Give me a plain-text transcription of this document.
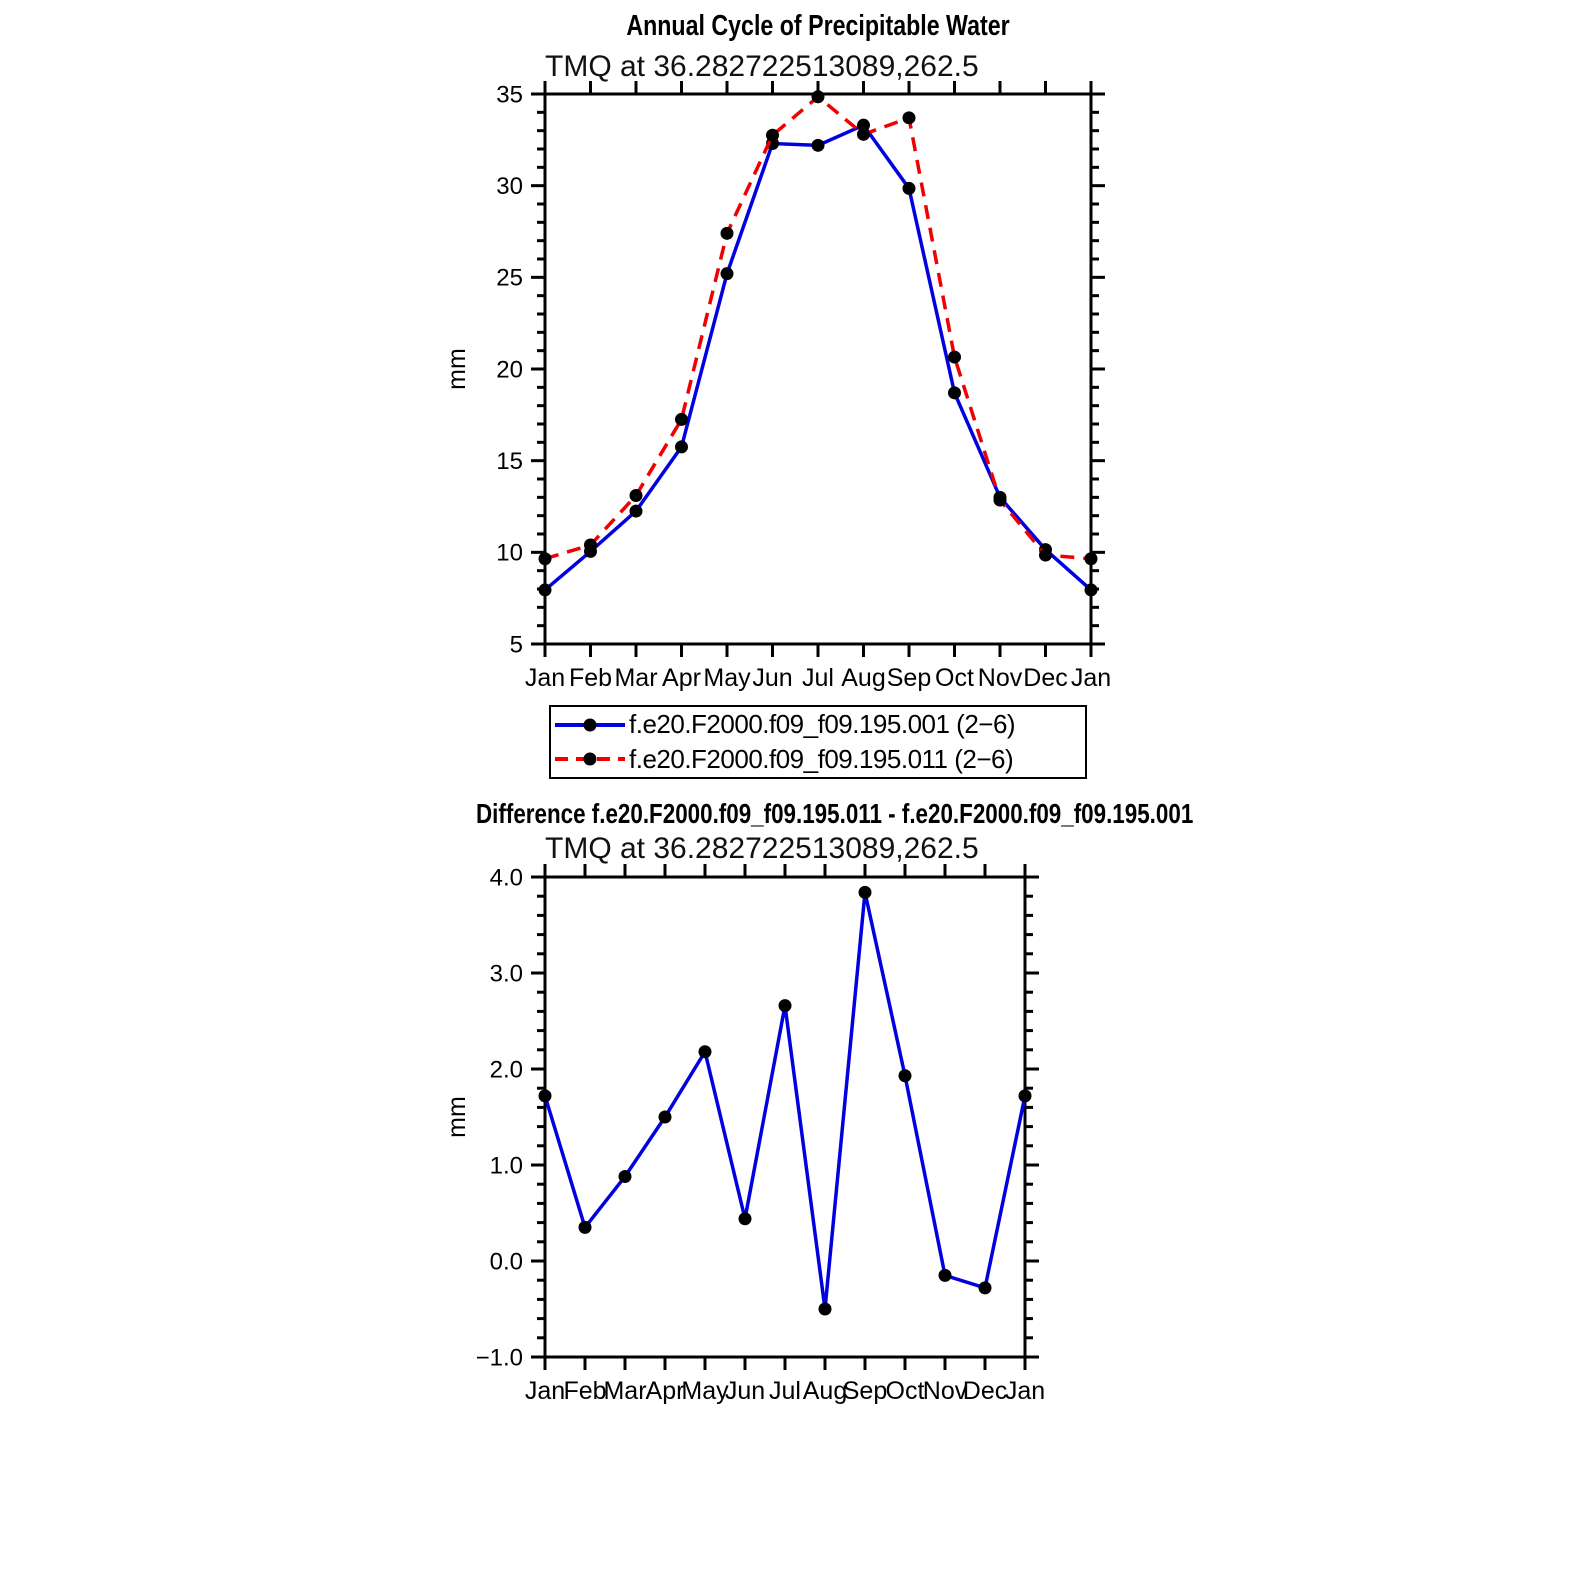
Jan Feb Mar Apr May Jun Jul Aug Sep Oct Nov Dec Jan
5
10
15
20
25
30
35
mm
Jan
Feb
Mar Apr
May
Jun Jul Aug
Sep
Oct
Nov
Dec
Jan
−1.0
0.0
1.0
2.0
3.0
4.0
mm
Annual Cycle of Precipitable Water
TMQ at 36.282722513089,262.5
f.e20.F2000.f09_f09.195.001 (2−6)
f.e20.F2000.f09_f09.195.011 (2−6)
Difference f.e20.F2000.f09_f09.195.011 - f.e20.F2000.f09_f09.195.001
TMQ at 36.282722513089,262.5
